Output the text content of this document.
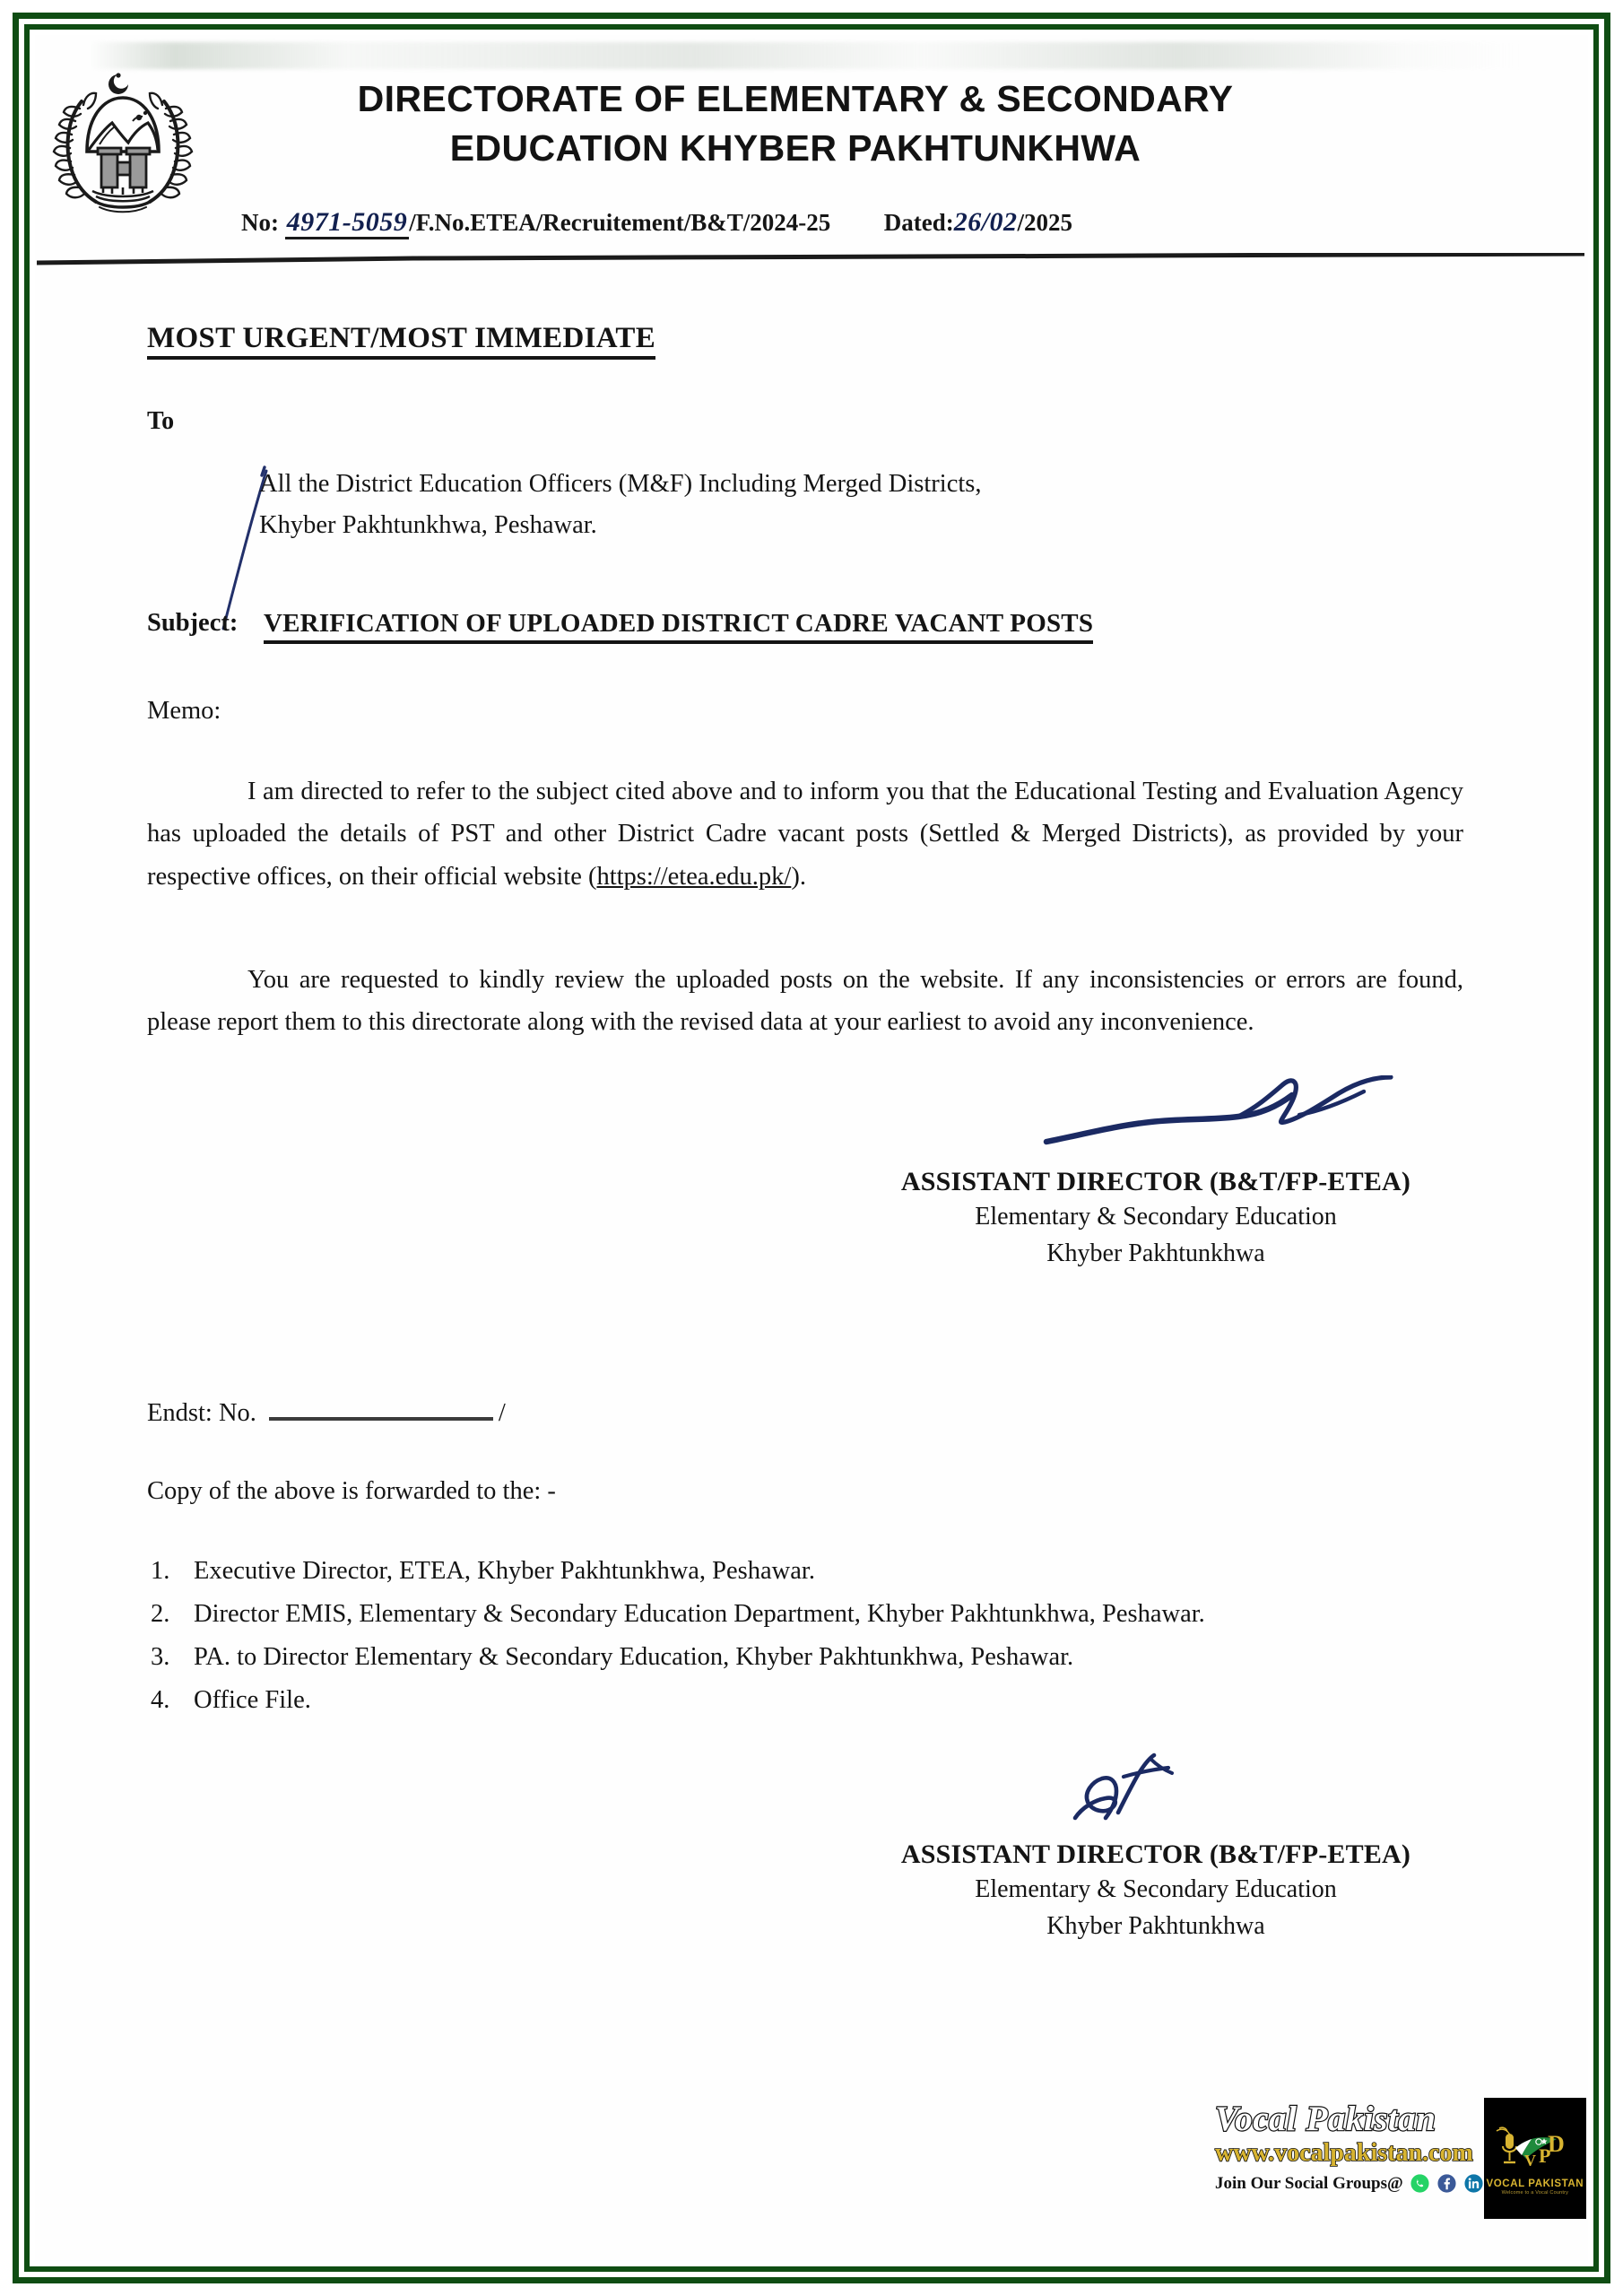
DIRECTORATE OF ELEMENTARY & SECONDARY
EDUCATION KHYBER PAKHTUNKHWA
No: 4971-5059/F.No.ETEA/Recruitement/B&T/2024-25 Dated:26/02/2025
MOST URGENT/MOST IMMEDIATE
To
All the District Education Officers (M&F) Including Merged Districts,
Khyber Pakhtunkhwa, Peshawar.
Subject: VERIFICATION OF UPLOADED DISTRICT CADRE VACANT POSTS
Memo:
I am directed to refer to the subject cited above and to inform you that the Educational Testing and Evaluation Agency has uploaded the details of PST and other District Cadre vacant posts (Settled & Merged Districts), as provided by your respective offices, on their official website (https://etea.edu.pk/).
You are requested to kindly review the uploaded posts on the website. If any inconsistencies or errors are found, please report them to this directorate along with the revised data at your earliest to avoid any inconvenience.
ASSISTANT DIRECTOR (B&T/FP-ETEA)
Elementary & Secondary Education
Khyber Pakhtunkhwa
Endst: No.	/
Copy of the above is forwarded to the: -
1. Executive Director, ETEA, Khyber Pakhtunkhwa, Peshawar.
2. Director EMIS, Elementary & Secondary Education Department, Khyber Pakhtunkhwa, Peshawar.
3. PA. to Director Elementary & Secondary Education, Khyber Pakhtunkhwa, Peshawar.
4. Office File.
ASSISTANT DIRECTOR (B&T/FP-ETEA)
Elementary & Secondary Education
Khyber Pakhtunkhwa
Vocal Pakistan
www.vocalpakistan.com
Join Our Social Groups@
D
P
V
VOCAL PAKISTAN
Welcome to a Vocal Country
